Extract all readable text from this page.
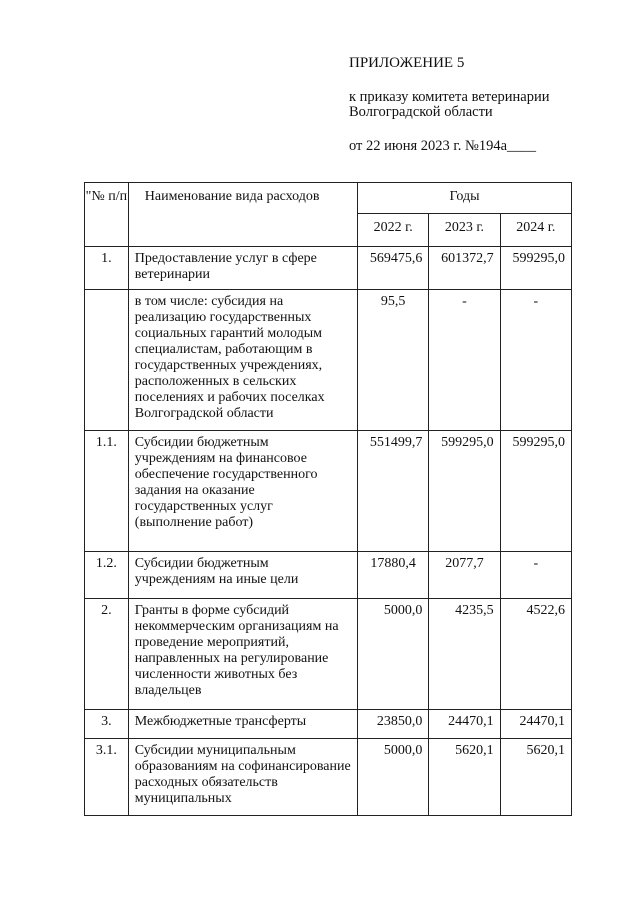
ПРИЛОЖЕНИЕ 5
к приказу комитета ветеринарии
Волгоградской области
от 22 июня 2023 г. №194а____
"№ п/п	Наименование вида расходов	Годы		
		2022 г.	2023 г.	2024 г.
1.	Предоставление услуг в сфере ветеринарии	569475,6	601372,7	599295,0
	в том числе: субсидия на реализацию государственных социальных гарантий молодым специалистам, работающим в государственных учреждениях, расположенных в сельских поселениях и рабочих поселках Волгоградской области	95,5	-	-
1.1.	Субсидии бюджетным учреждениям на финансовое обеспечение государственного задания на оказание государственных услуг (выполнение работ)	551499,7	599295,0	599295,0
1.2.	Субсидии бюджетным учреждениям на иные цели	17880,4	2077,7	-
2.	Гранты в форме субсидий некоммерческим организациям на проведение мероприятий, направленных на регулирование численности животных без владельцев	5000,0	4235,5	4522,6
3.	Межбюджетные трансферты	23850,0	24470,1	24470,1
3.1.	Субсидии муниципальным образованиям на софинансирование расходных обязательств муниципальных	5000,0	5620,1	5620,1
